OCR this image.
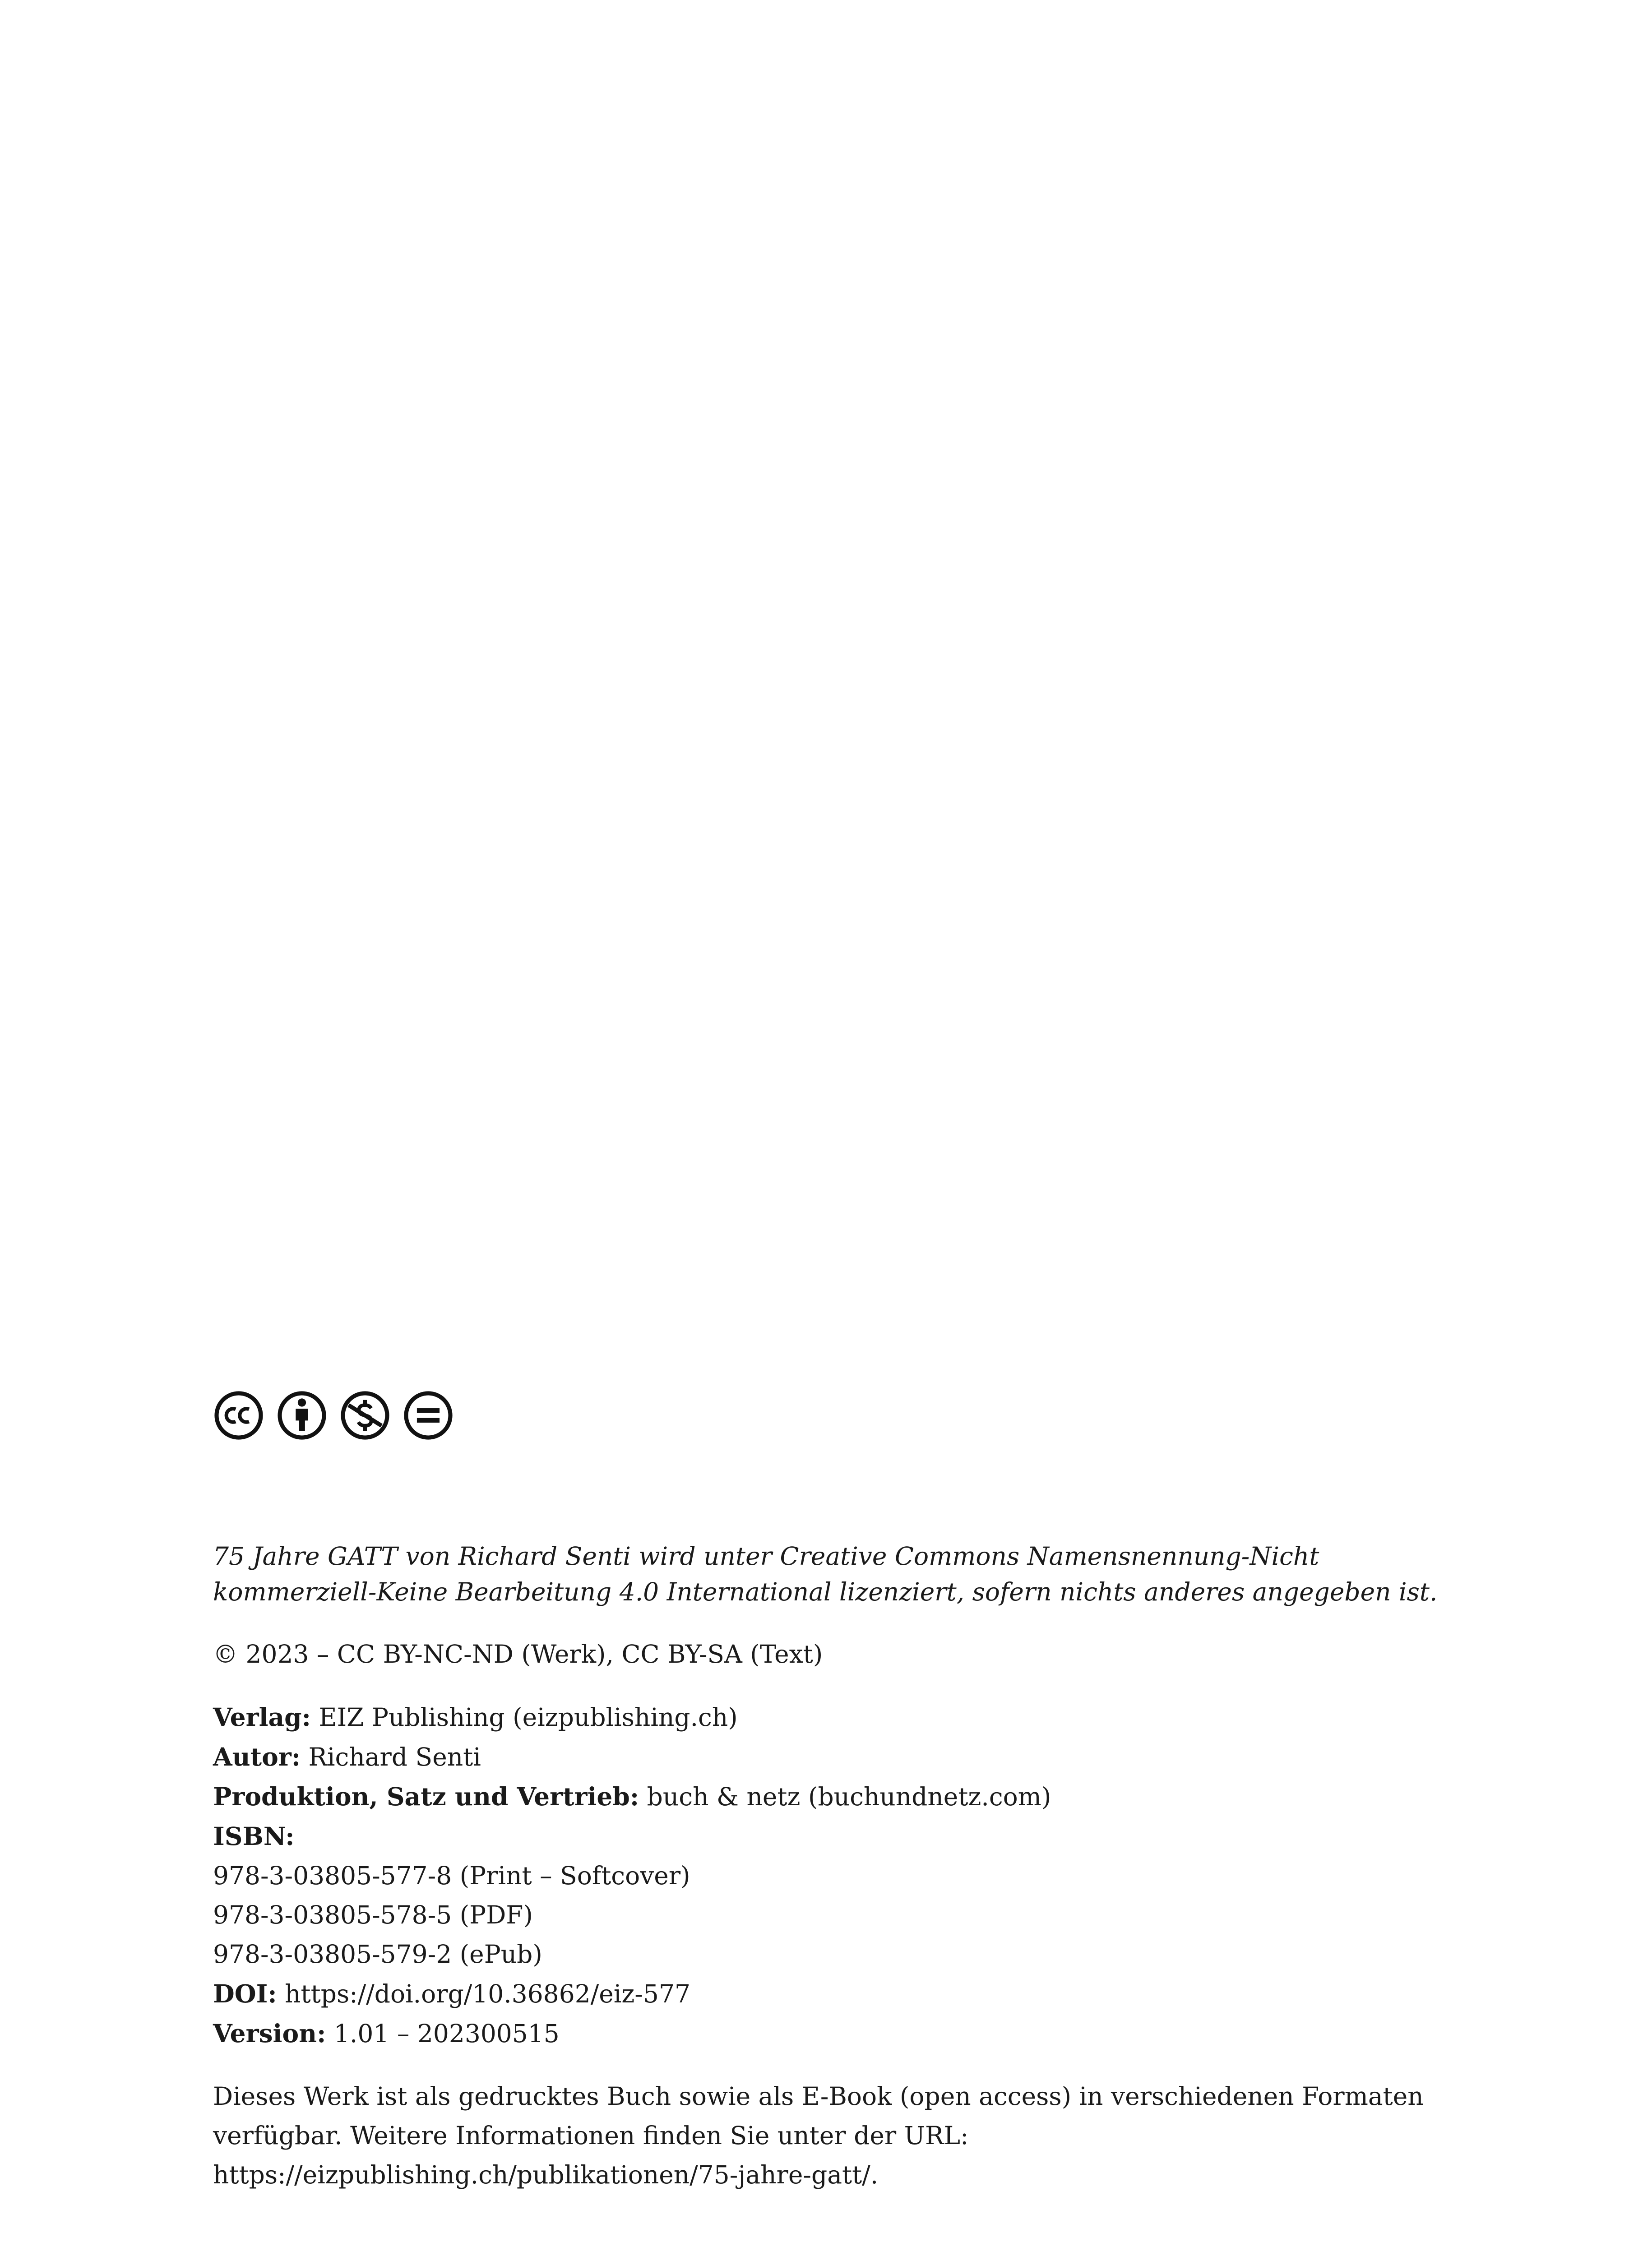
75 Jahre GATT von Richard Senti wird unter Creative Commons Namensnennung-Nicht
kommerziell-Keine Bearbeitung 4.0 International lizenziert, sofern nichts anderes angegeben ist.
© 2023 – CC BY-NC-ND (Werk), CC BY-SA (Text)
Verlag: EIZ Publishing (eizpublishing.ch)
Autor: Richard Senti
Produktion, Satz und Vertrieb: buch & netz (buchundnetz.com)
ISBN:
978-3-03805-577-8 (Print – Softcover)
978-3-03805-578-5 (PDF)
978-3-03805-579-2 (ePub)
DOI: https://doi.org/10.36862/eiz-577
Version: 1.01 – 202300515
Dieses Werk ist als gedrucktes Buch sowie als E-Book (open access) in verschiedenen Formaten
verfügbar. Weitere Informationen finden Sie unter der URL:
https://eizpublishing.ch/publikationen/75-jahre-gatt/.
